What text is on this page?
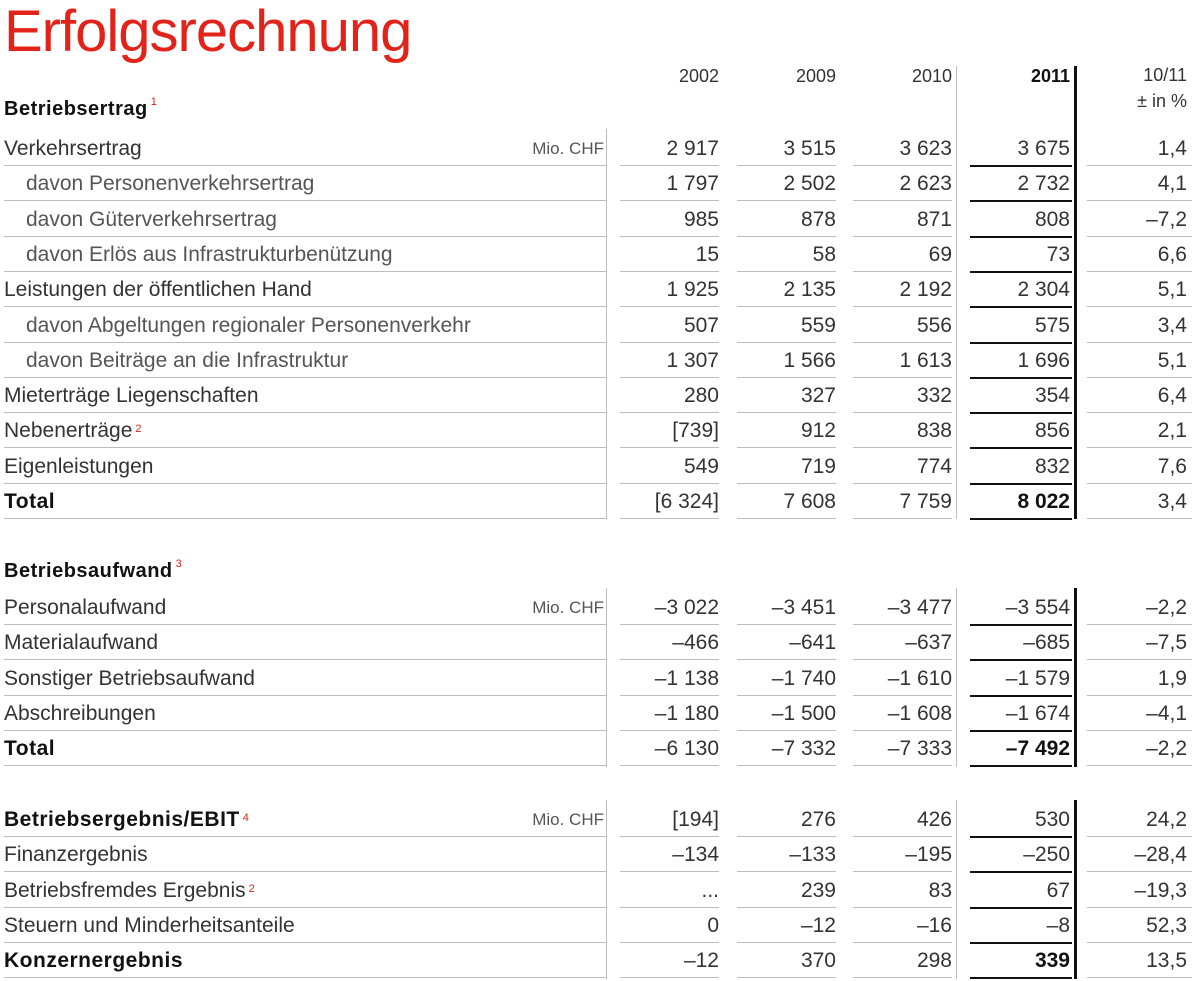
Erfolgsrechnung
2002	2009	2010	2011	10/11
± in %
Betriebsertrag $^1$
Verkehrsertrag	Mio. CHF	2 917	3 515	3 623	3 675	1,4
davon Personenverkehrsertrag	1 797	2 502	2 623	2 732	4,1
davon Güterverkehrsertrag	985	878	871	808	–7,2
davon Erlös aus Infrastrukturbenützung	15	58	69	73	6,6
Leistungen der öffentlichen Hand	1 925	2 135	2 192	2 304	5,1
davon Abgeltungen regionaler Personenverkehr	507	559	556	575	3,4
davon Beiträge an die Infrastruktur	1 307	1 566	1 613	1 696	5,1
Mieterträge Liegenschaften	280	327	332	354	6,4
Nebenerträge $^2$	[739]	912	838	856	2,1
Eigenleistungen	549	719	774	832	7,6
Total	[6 324]	7 608	7 759	8 022	3,4
Betriebsaufwand $^3$
Personalaufwand	Mio. CHF	–3 022	–3 451	–3 477	–3 554	–2,2
Materialaufwand	–466	–641	–637	–685	–7,5
Sonstiger Betriebsaufwand	–1 138	–1 740	–1 610	–1 579	1,9
Abschreibungen	–1 180	–1 500	–1 608	–1 674	–4,1
Total	–6 130	–7 332	–7 333	–7 492	–2,2
Betriebsergebnis/EBIT $^4$	Mio. CHF	[194]	276	426	530	24,2
Finanzergebnis	–134	–133	–195	–250	–28,4
Betriebsfremdes Ergebnis $^2$	...	239	83	67	–19,3
Steuern und Minderheitsanteile	0	–12	–16	–8	52,3
Konzernergebnis	–12	370	298	339	13,5
